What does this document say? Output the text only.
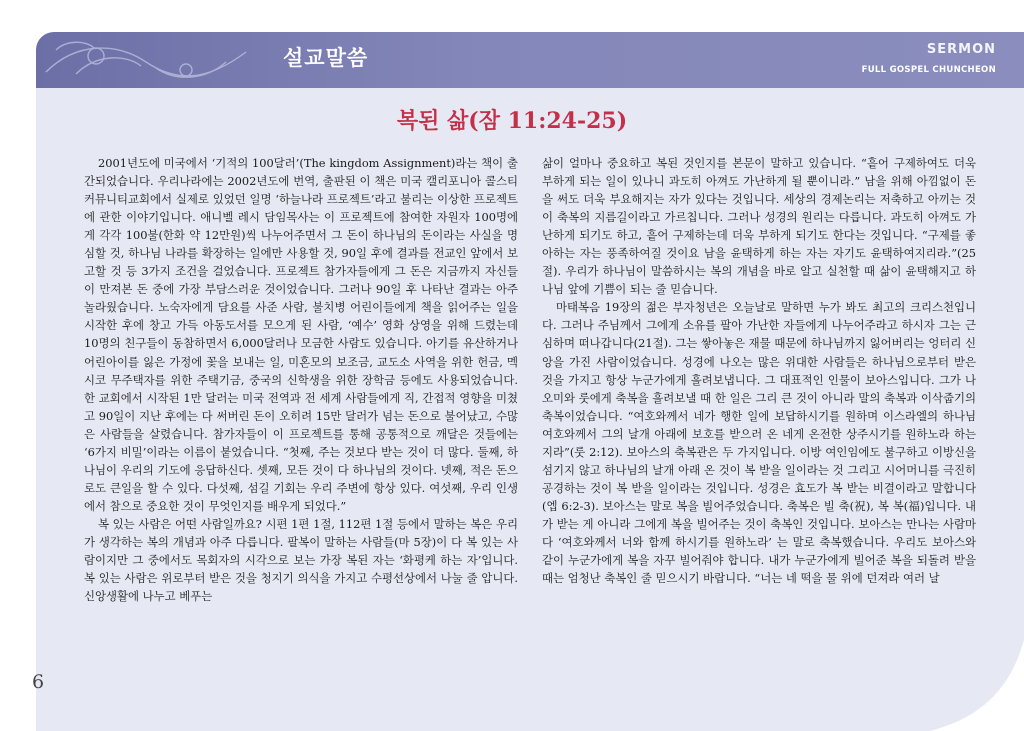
설교말씀	SERMON
FULL GOSPEL CHUNCHEON
복된 삶(잠 11:24-25)

2001년도에 미국에서 ‘기적의 100달러’(The kingdom Assignment)라는 책이 출간되었습니다. 우리나라에는 2002년도에 번역, 출판된 이 책은 미국 캘리포니아 콜스티 커뮤니티교회에서 실제로 있었던 일명 ‘하늘나라 프로젝트’라고 불리는 이상한 프로젝트에 관한 이야기입니다. 애니벨 레시 담임목사는 이 프로젝트에 참여한 자원자 100명에게 각각 100불(한화 약 12만원)씩 나누어주면서 그 돈이 하나님의 돈이라는 사실을 명심할 것, 하나님 나라를 확장하는 일에만 사용할 것, 90일 후에 결과를 전교인 앞에서 보고할 것 등 3가지 조건을 걸었습니다. 프로젝트 참가자들에게 그 돈은 지금까지 자신들이 만져본 돈 중에 가장 부담스러운 것이었습니다. 그러나 90일 후 나타난 결과는 아주 놀라웠습니다. 노숙자에게 담요를 사준 사람, 불치병 어린이들에게 책을 읽어주는 일을 시작한 후에 창고 가득 아동도서를 모으게 된 사람, ‘예수’ 영화 상영을 위해 드렸는데 10명의 친구들이 동참하면서 6,000달러나 모금한 사람도 있습니다. 아기를 유산하거나 어린아이를 잃은 가정에 꽃을 보내는 일, 미혼모의 보조금, 교도소 사역을 위한 헌금, 멕시코 무주택자를 위한 주택기금, 중국의 신학생을 위한 장학금 등에도 사용되었습니다. 한 교회에서 시작된 1만 달러는 미국 전역과 전 세계 사람들에게 직, 간접적 영향을 미쳤고 90일이 지난 후에는 다 써버린 돈이 오히려 15만 달러가 넘는 돈으로 불어났고, 수많은 사람들을 살렸습니다. 참가자들이 이 프로젝트를 통해 공통적으로 깨달은 것들에는 ‘6가지 비밀’이라는 이름이 붙었습니다. “첫째, 주는 것보다 받는 것이 더 많다. 둘째, 하나님이 우리의 기도에 응답하신다. 셋째, 모든 것이 다 하나님의 것이다. 넷째, 적은 돈으로도 큰일을 할 수 있다. 다섯째, 섬길 기회는 우리 주변에 항상 있다. 여섯째, 우리 인생에서 참으로 중요한 것이 무엇인지를 배우게 되었다.”

복 있는 사람은 어떤 사람일까요? 시편 1편 1절, 112편 1절 등에서 말하는 복은 우리가 생각하는 복의 개념과 아주 다릅니다. 팔복이 말하는 사람들(마 5장)이 다 복 있는 사람이지만 그 중에서도 목회자의 시각으로 보는 가장 복된 자는 ‘화평케 하는 자’입니다. 복 있는 사람은 위로부터 받은 것을 청지기 의식을 가지고 수평선상에서 나눌 줄 압니다. 신앙생활에 나누고 베푸는

삶이 얼마나 중요하고 복된 것인지를 본문이 말하고 있습니다. “흩어 구제하여도 더욱 부하게 되는 일이 있나니 과도히 아껴도 가난하게 될 뿐이니라.” 남을 위해 아낌없이 돈을 써도 더욱 부요해지는 자가 있다는 것입니다. 세상의 경제논리는 저축하고 아끼는 것이 축복의 지름길이라고 가르칩니다. 그러나 성경의 원리는 다릅니다. 과도히 아껴도 가난하게 되기도 하고, 흩어 구제하는데 더욱 부하게 되기도 한다는 것입니다. “구제를 좋아하는 자는 풍족하여질 것이요 남을 윤택하게 하는 자는 자기도 윤택하여지리라.”(25절). 우리가 하나님이 말씀하시는 복의 개념을 바로 알고 실천할 때 삶이 윤택해지고 하나님 앞에 기쁨이 되는 줄 믿습니다.

마태복음 19장의 젊은 부자청년은 오늘날로 말하면 누가 봐도 최고의 크리스천입니다. 그러나 주님께서 그에게 소유를 팔아 가난한 자들에게 나누어주라고 하시자 그는 근심하며 떠나갑니다(21절). 그는 쌓아놓은 재물 때문에 하나님까지 잃어버리는 엉터리 신앙을 가진 사람이었습니다. 성경에 나오는 많은 위대한 사람들은 하나님으로부터 받은 것을 가지고 항상 누군가에게 흘려보냅니다. 그 대표적인 인물이 보아스입니다. 그가 나오미와 룻에게 축복을 흘려보낼 때 한 일은 그리 큰 것이 아니라 말의 축복과 이삭줍기의 축복이었습니다. “여호와께서 네가 행한 일에 보답하시기를 원하며 이스라엘의 하나님 여호와께서 그의 날개 아래에 보호를 받으러 온 네게 온전한 상주시기를 원하노라 하는지라”(룻 2:12). 보아스의 축복관은 두 가지입니다. 이방 여인임에도 불구하고 이방신을 섬기지 않고 하나님의 날개 아래 온 것이 복 받을 일이라는 것 그리고 시어머니를 극진히 공경하는 것이 복 받을 일이라는 것입니다. 성경은 효도가 복 받는 비결이라고 말합니다(엡 6:2-3). 보아스는 말로 복을 빌어주었습니다. 축복은 빌 축(祝), 복 복(福)입니다. 내가 받는 게 아니라 그에게 복을 빌어주는 것이 축복인 것입니다. 보아스는 만나는 사람마다 ‘여호와께서 너와 함께 하시기를 원하노라’ 는 말로 축복했습니다. 우리도 보아스와 같이 누군가에게 복을 자꾸 빌어줘야 합니다. 내가 누군가에게 빌어준 복을 되돌려 받을 때는 엄청난 축복인 줄 믿으시기 바랍니다. “너는 네 떡을 물 위에 던져라 여러 날

6
